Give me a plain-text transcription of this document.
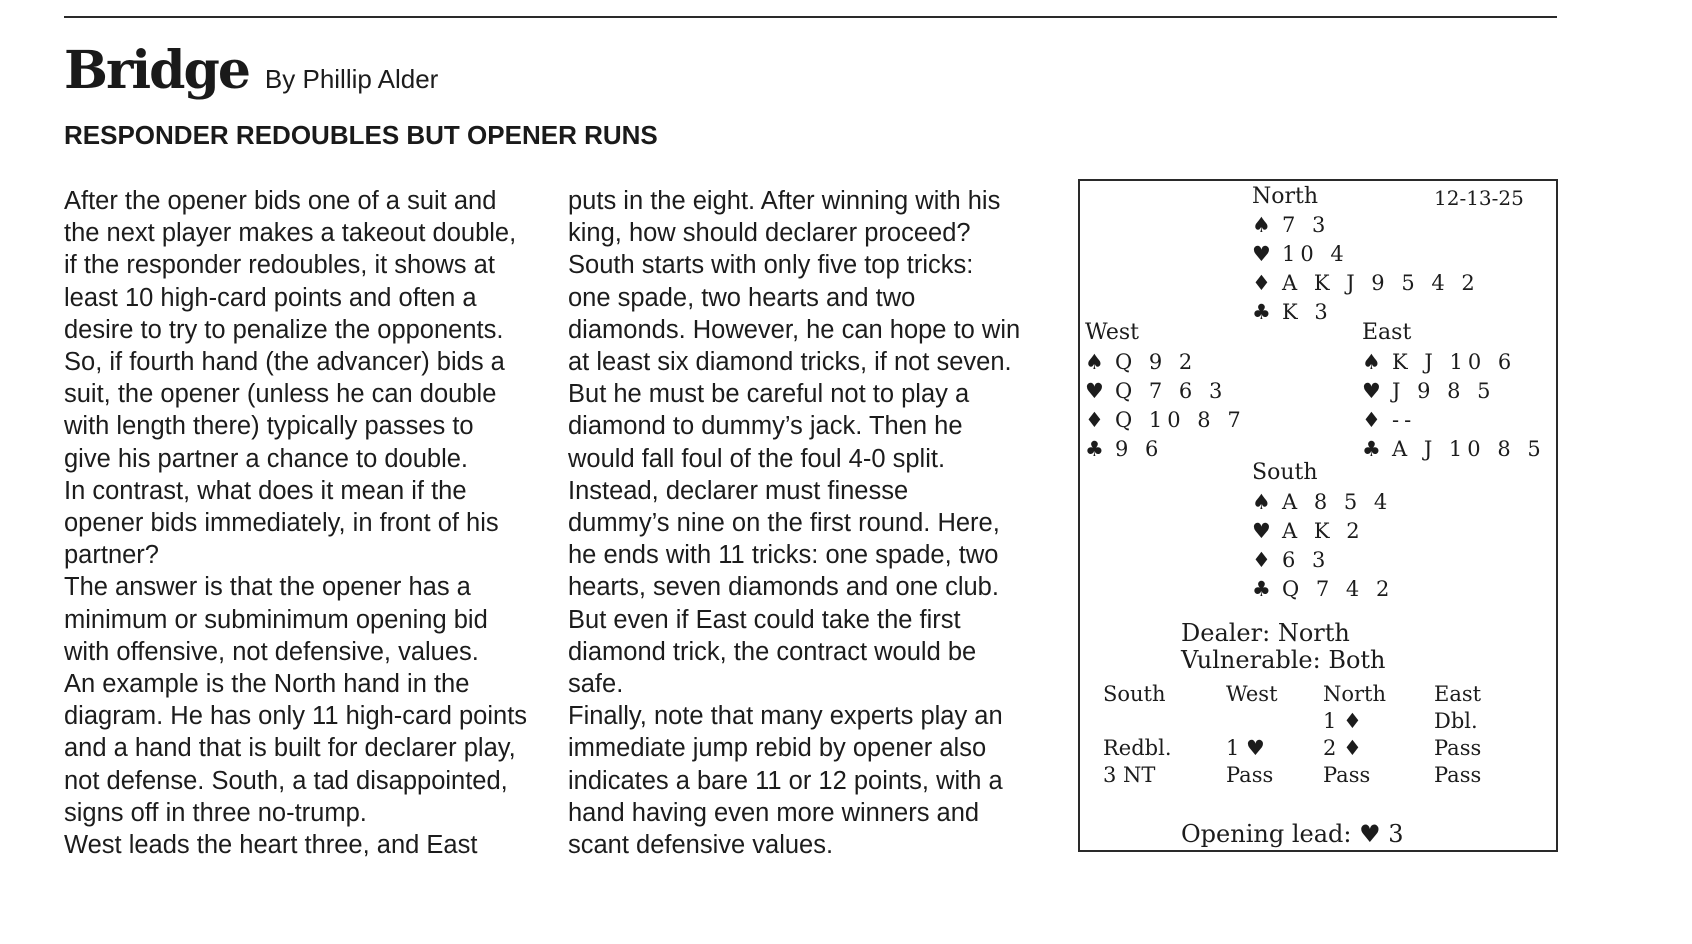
Bridge By Phillip Alder
RESPONDER REDOUBLES BUT OPENER RUNS
After the opener bids one of a suit and
the next player makes a takeout double,
if the responder redoubles, it shows at
least 10 high-card points and often a
desire to try to penalize the opponents.
So, if fourth hand (the advancer) bids a
suit, the opener (unless he can double
with length there) typically passes to
give his partner a chance to double.
In contrast, what does it mean if the
opener bids immediately, in front of his
partner?
The answer is that the opener has a
minimum or subminimum opening bid
with offensive, not defensive, values.
An example is the North hand in the
diagram. He has only 11 high-card points
and a hand that is built for declarer play,
not defense. South, a tad disappointed,
signs off in three no-trump.
West leads the heart three, and East
puts in the eight. After winning with his
king, how should declarer proceed?
South starts with only five top tricks:
one spade, two hearts and two
diamonds. However, he can hope to win
at least six diamond tricks, if not seven.
But he must be careful not to play a
diamond to dummy’s jack. Then he
would fall foul of the foul 4-0 split.
Instead, declarer must finesse
dummy’s nine on the first round. Here,
he ends with 11 tricks: one spade, two
hearts, seven diamonds and one club.
But even if East could take the first
diamond trick, the contract would be
safe.
Finally, note that many experts play an
immediate jump rebid by opener also
indicates a bare 11 or 12 points, with a
hand having even more winners and
scant defensive values.
North	12-13-25
♠ 7 3
♥ 10 4
♦ A K J 9 5 4 2
♣ K 3
West
♠ Q 9 2
♥ Q 7 6 3
♦ Q 10 8 7
♣ 9 6
East
♠ K J 10 6
♥ J 9 8 5
♦ --
♣ A J 10 8 5
South
♠ A 8 5 4
♥ A K 2
♦ 6 3
♣ Q 7 4 2
Dealer: North
Vulnerable: Both
South
Redbl.
3 NT
West
1 ♥
Pass
North
1 ♦
2 ♦
Pass
East
Dbl.
Pass
Pass
Opening lead: ♥ 3
